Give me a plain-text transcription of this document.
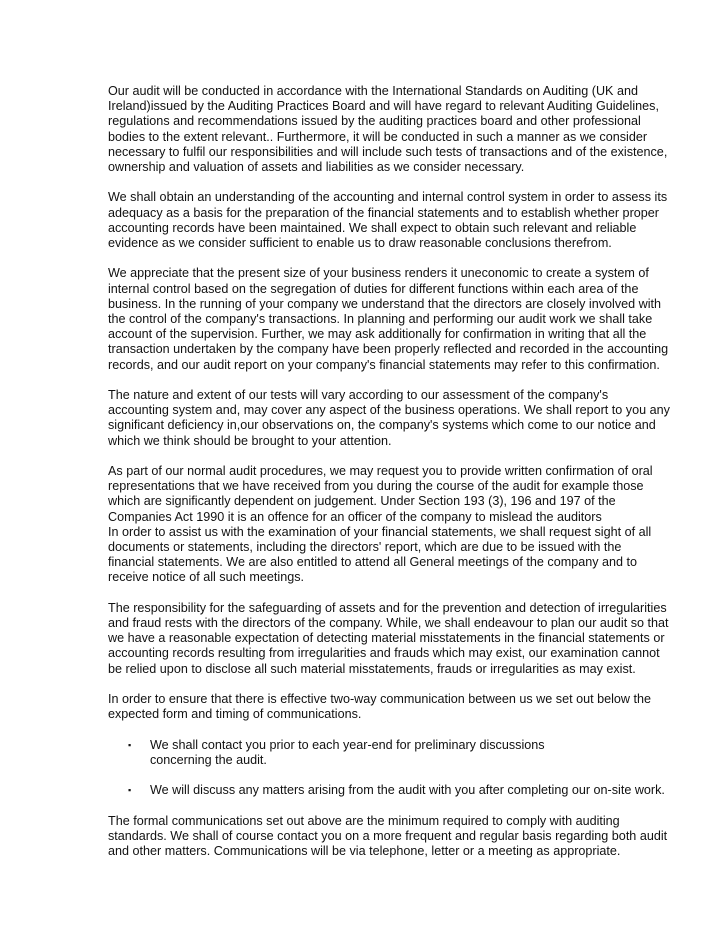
Our audit will be conducted in accordance with the International Standards on Auditing (UK and
Ireland)issued by the Auditing Practices Board and will have regard to relevant Auditing Guidelines,
regulations and recommendations issued by the auditing practices board and other professional
bodies to the extent relevant.. Furthermore, it will be conducted in such a manner as we consider
necessary to fulfil our responsibilities and will include such tests of transactions and of the existence,
ownership and valuation of assets and liabilities as we consider necessary.

We shall obtain an understanding of the accounting and internal control system in order to assess its
adequacy as a basis for the preparation of the financial statements and to establish whether proper
accounting records have been maintained. We shall expect to obtain such relevant and reliable
evidence as we consider sufficient to enable us to draw reasonable conclusions therefrom.

We appreciate that the present size of your business renders it uneconomic to create a system of
internal control based on the segregation of duties for different functions within each area of the
business. In the running of your company we understand that the directors are closely involved with
the control of the company's transactions. In planning and performing our audit work we shall take
account of the supervision. Further, we may ask additionally for confirmation in writing that all the
transaction undertaken by the company have been properly reflected and recorded in the accounting
records, and our audit report on your company's financial statements may refer to this confirmation.

The nature and extent of our tests will vary according to our assessment of the company's
accounting system and, may cover any aspect of the business operations. We shall report to you any
significant deficiency in,our observations on, the company's systems which come to our notice and
which we think should be brought to your attention.

As part of our normal audit procedures, we may request you to provide written confirmation of oral
representations that we have received from you during the course of the audit for example those
which are significantly dependent on judgement. Under Section 193 (3), 196 and 197 of the
Companies Act 1990 it is an offence for an officer of the company to mislead the auditors
In order to assist us with the examination of your financial statements, we shall request sight of all
documents or statements, including the directors' report, which are due to be issued with the
financial statements. We are also entitled to attend all General meetings of the company and to
receive notice of all such meetings.

The responsibility for the safeguarding of assets and for the prevention and detection of irregularities
and fraud rests with the directors of the company. While, we shall endeavour to plan our audit so that
we have a reasonable expectation of detecting material misstatements in the financial statements or
accounting records resulting from irregularities and frauds which may exist, our examination cannot
be relied upon to disclose all such material misstatements, frauds or irregularities as may exist.

In order to ensure that there is effective two-way communication between us we set out below the
expected form and timing of communications.

▪ We shall contact you prior to each year-end for preliminary discussions
concerning the audit.
▪ We will discuss any matters arising from the audit with you after completing our on-site work.

The formal communications set out above are the minimum required to comply with auditing
standards. We shall of course contact you on a more frequent and regular basis regarding both audit
and other matters. Communications will be via telephone, letter or a meeting as appropriate.
